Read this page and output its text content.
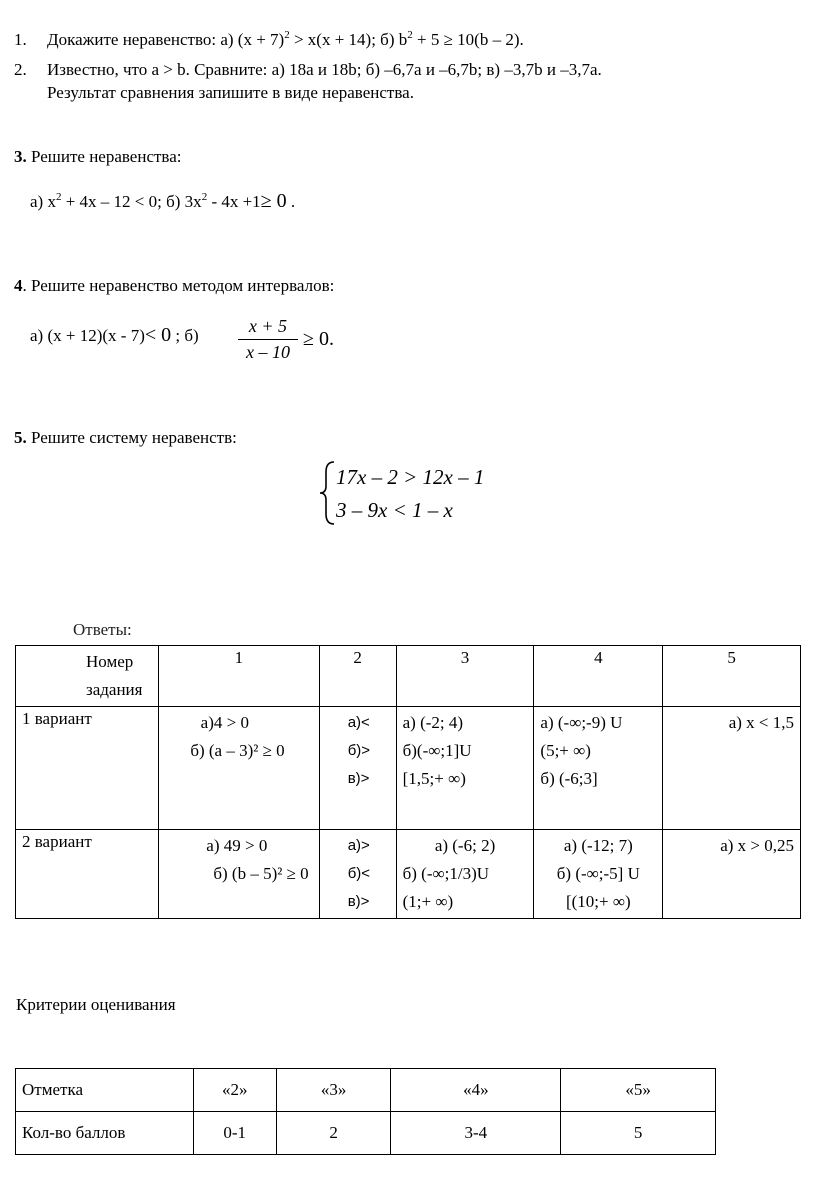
1. Докажите неравенство: а) $(x + 7)^2 > x(x + 14)$; б) $b^2 + 5 \ge 10(b - 2)$.
2. Известно, что a > b. Сравните: а) 18a и 18b; б) –6,7a и –6,7b; в) –3,7b и –3,7a.
Результат сравнения запишите в виде неравенства.
3. Решите неравенства:
а) $x^2 + 4x - 12 < 0$; б) $3x^2 - 4x +1\ge 0$ .
4. Решите неравенство методом интервалов:
а) (x + 12)(x - 7)< 0 ; б)	x + 5
x – 10
≥ 0.
5. Решите систему неравенств:
17x – 2 > 12x – 1
3 – 9x < 1 – x
Ответы:
Номер задания	1	2	3	4	5
1 вариант	а)4 > 0
б) (a – 3)² ≥ 0	а)<
б)>
в)>	а) (-2; 4)
б)(-∞;1]U
[1,5;+ ∞)	а) (-∞;-9) U
(5;+ ∞)
б) (-6;3]	а) x < 1,5

2 вариант	а) 49 > 0
б) (b – 5)² ≥ 0	а)>
б)<
в)>	а) (-6; 2)
б) (-∞;1/3)U
(1;+ ∞)	а) (-12; 7)
б) (-∞;-5] U
[(10;+ ∞)	а) x > 0,25
Критерии оценивания
Отметка	«2»	«3»	«4»	«5»
Кол-во баллов	0-1	2	3-4	5
